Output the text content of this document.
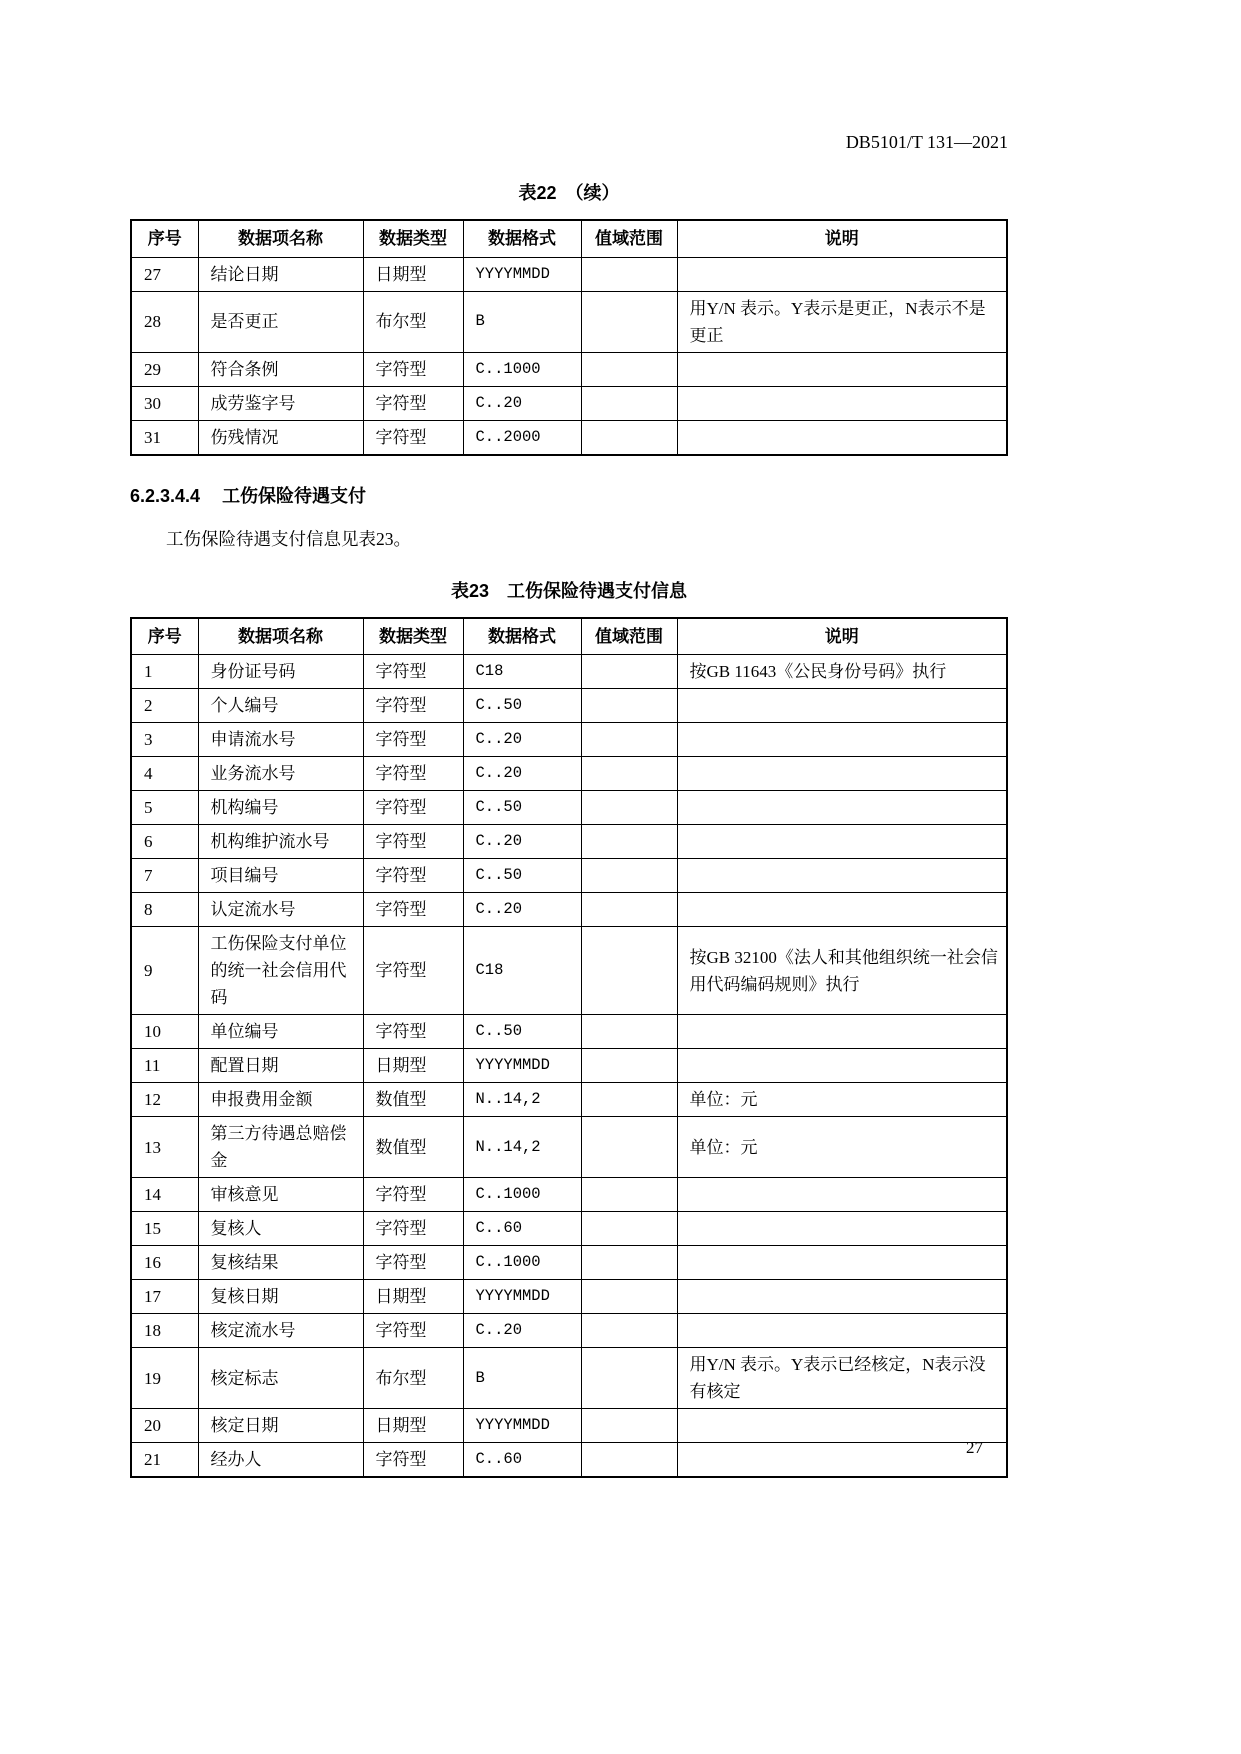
DB5101/T 131—2021
表22　（续）
序号	数据项名称	数据类型	数据格式	值域范围	说明
27	结论日期	日期型	YYYYMMDD		
28	是否更正	布尔型	B		用Y/N 表示。Y表示是更正，N表示不是更正
29	符合条例	字符型	C..1000		
30	成劳鉴字号	字符型	C..20		
31	伤残情况	字符型	C..2000		
6.2.3.4.4 工伤保险待遇支付

工伤保险待遇支付信息见表23。

表23　工伤保险待遇支付信息
序号	数据项名称	数据类型	数据格式	值域范围	说明
1	身份证号码	字符型	C18		按GB 11643《公民身份号码》执行
2	个人编号	字符型	C..50		
3	申请流水号	字符型	C..20		
4	业务流水号	字符型	C..20		
5	机构编号	字符型	C..50		
6	机构维护流水号	字符型	C..20		
7	项目编号	字符型	C..50		
8	认定流水号	字符型	C..20		
9	工伤保险支付单位的统一社会信用代码	字符型	C18		按GB 32100《法人和其他组织统一社会信用代码编码规则》执行
10	单位编号	字符型	C..50		
11	配置日期	日期型	YYYYMMDD		
12	申报费用金额	数值型	N..14,2		单位：元
13	第三方待遇总赔偿金	数值型	N..14,2		单位：元
14	审核意见	字符型	C..1000		
15	复核人	字符型	C..60		
16	复核结果	字符型	C..1000		
17	复核日期	日期型	YYYYMMDD		
18	核定流水号	字符型	C..20		
19	核定标志	布尔型	B		用Y/N 表示。Y表示已经核定，N表示没有核定
20	核定日期	日期型	YYYYMMDD		
21	经办人	字符型	C..60		
27
